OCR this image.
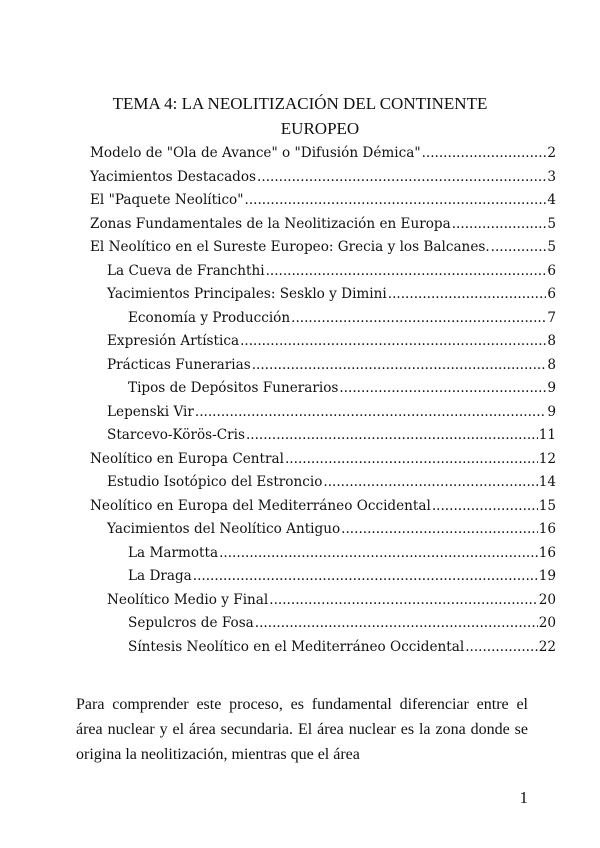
TEMA 4: LA NEOLITIZACIÓN DEL CONTINENTE
EUROPEO
Modelo de "Ola de Avance" o "Difusión Démica" .....	2
Yacimientos Destacados .....	3
El "Paquete Neolítico" .....	4
Zonas Fundamentales de la Neolitización en Europa .....	5
El Neolítico en el Sureste Europeo: Grecia y los Balcanes. .....	5
La Cueva de Franchthi .....	6
Yacimientos Principales: Sesklo y Dimini .....	6
Economía y Producción .....	7
Expresión Artística .....	8
Prácticas Funerarias .....	8
Tipos de Depósitos Funerarios .....	9
Lepenski Vir .....	9
Starcevo-Körös-Cris .....	11
Neolítico en Europa Central .....	12
Estudio Isotópico del Estroncio .....	14
Neolítico en Europa del Mediterráneo Occidental .....	15
Yacimientos del Neolítico Antiguo .....	16
La Marmotta .....	16
La Draga .....	19
Neolítico Medio y Final .....	20
Sepulcros de Fosa .....	20
Síntesis Neolítico en el Mediterráneo Occidental .....	22

Para comprender este proceso, es fundamental diferenciar entre el área nuclear y el área secundaria. El área nuclear es la zona donde se origina la neolitización, mientras que el área

1
